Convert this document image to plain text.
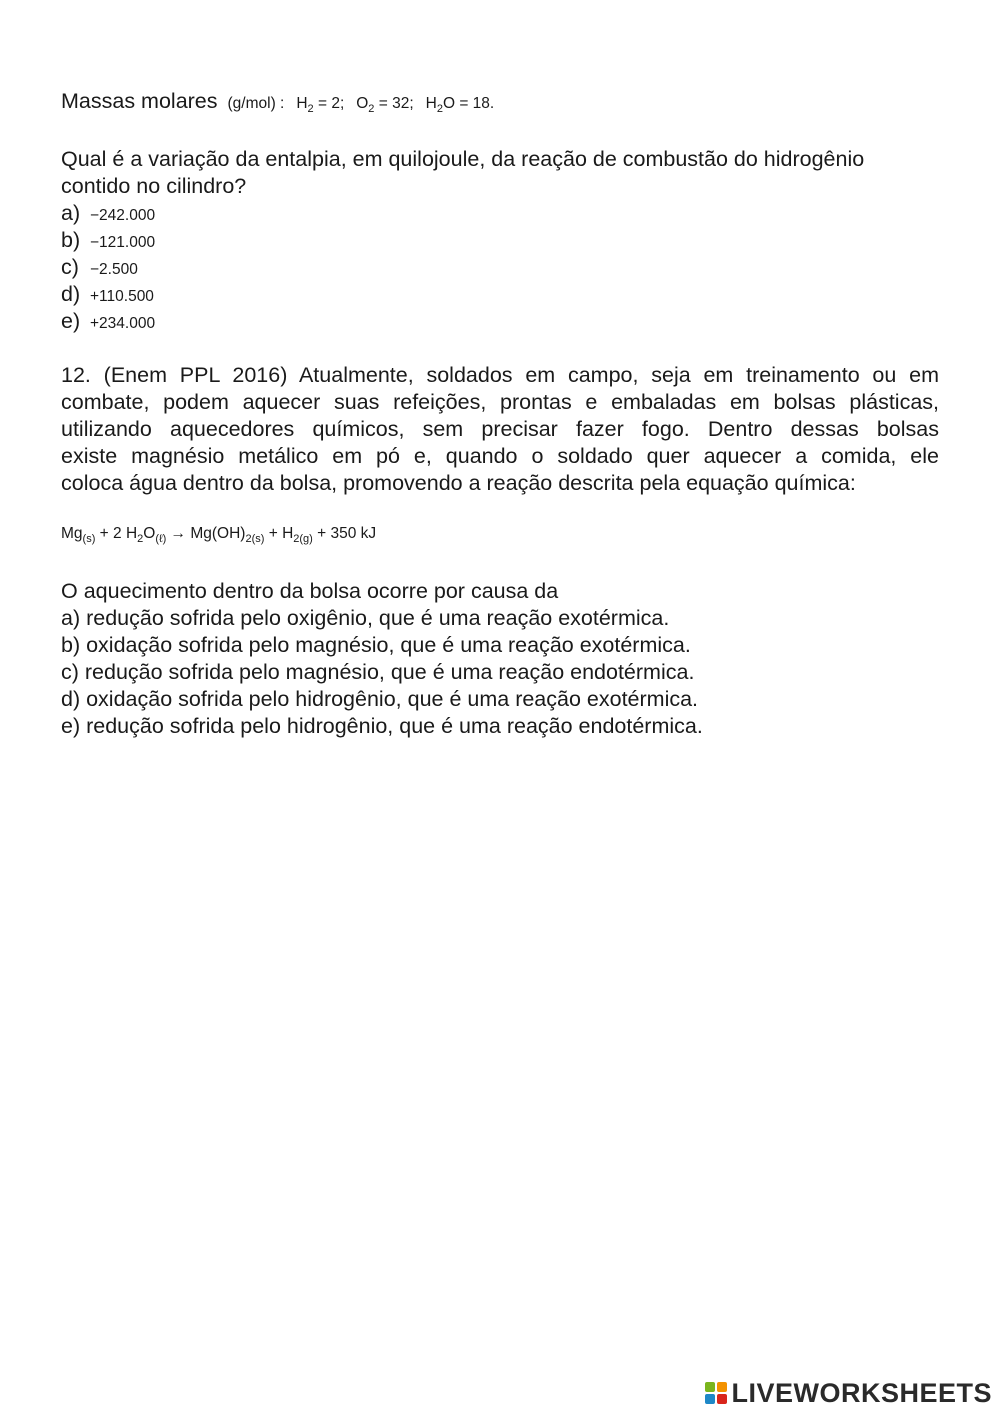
Massas molares (g/mol) : $H_2 = 2$; $O_2 = 32$; $H_2O = 18$.
Qual é a variação da entalpia, em quilojoule, da reação de combustão do hidrogênio
contido no cilindro?
a) −242.000
b) −121.000
c) −2.500
d) +110.500
e) +234.000
12. (Enem PPL 2016) Atualmente, soldados em campo, seja em treinamento ou em
combate, podem aquecer suas refeições, prontas e embaladas em bolsas plásticas,
utilizando aquecedores químicos, sem precisar fazer fogo. Dentro dessas bolsas
existe magnésio metálico em pó e, quando o soldado quer aquecer a comida, ele
coloca água dentro da bolsa, promovendo a reação descrita pela equação química:
$Mg_{(s)} + 2$ $H_2O_{(\ell)} \to Mg(OH)_{2(s)} + H_{2(g)} + 350$ kJ
O aquecimento dentro da bolsa ocorre por causa da
a) redução sofrida pelo oxigênio, que é uma reação exotérmica.
b) oxidação sofrida pelo magnésio, que é uma reação exotérmica.
c) redução sofrida pelo magnésio, que é uma reação endotérmica.
d) oxidação sofrida pelo hidrogênio, que é uma reação exotérmica.
e) redução sofrida pelo hidrogênio, que é uma reação endotérmica.
LIVEWORKSHEETS
